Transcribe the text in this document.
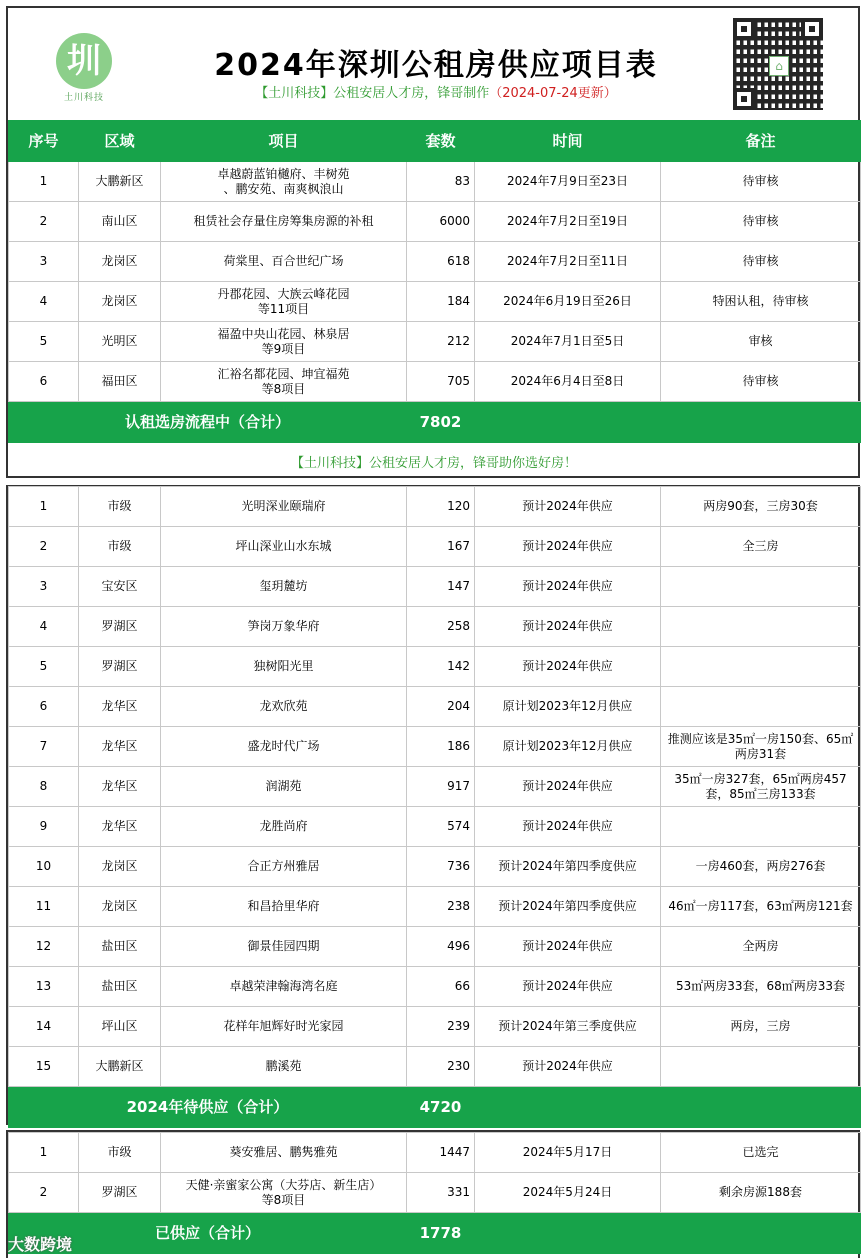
圳
土川科技
2024年深圳公租房供应项目表
【土川科技】公租安居人才房，锋哥制作（2024-07-24更新）
⌂
序号	区域	项目	套数	时间	备注
1	大鹏新区	卓越蔚蓝铂樾府、丰树苑
、鹏安苑、南爽枫浪山	83	2024年7月9日至23日	待审核
2	南山区	租赁社会存量住房筹集房源的补租	6000	2024年7月2日至19日	待审核
3	龙岗区	荷棠里、百合世纪广场	618	2024年7月2日至11日	待审核
4	龙岗区	丹郡花园、大族云峰花园
等11项目	184	2024年6月19日至26日	特困认租，待审核
5	光明区	福盈中央山花园、林泉居
等9项目	212	2024年7月1日至5日	审核
6	福田区	汇裕名都花园、坤宜福苑
等8项目	705	2024年6月4日至8日	待审核
认租选房流程中（合计）			7802		
【土川科技】公租安居人才房，锋哥助你选好房！
1	市级	光明深业颐瑞府	120	预计2024年供应	两房90套，三房30套
2	市级	坪山深业山水东城	167	预计2024年供应	全三房
3	宝安区	玺玥麓坊	147	预计2024年供应	
4	罗湖区	笋岗万象华府	258	预计2024年供应	
5	罗湖区	独树阳光里	142	预计2024年供应	
6	龙华区	龙欢欣苑	204	原计划2023年12月供应	
7	龙华区	盛龙时代广场	186	原计划2023年12月供应	推测应该是35㎡一房150套、65㎡两房31套
8	龙华区	润湖苑	917	预计2024年供应	35㎡一房327套，65㎡两房457套，85㎡三房133套
9	龙华区	龙胜尚府	574	预计2024年供应	
10	龙岗区	合正方州雅居	736	预计2024年第四季度供应	一房460套，两房276套
11	龙岗区	和昌拾里华府	238	预计2024年第四季度供应	46㎡一房117套，63㎡两房121套
12	盐田区	御景佳园四期	496	预计2024年供应	全两房
13	盐田区	卓越荣津翰海湾名庭	66	预计2024年供应	53㎡两房33套，68㎡两房33套
14	坪山区	花样年旭辉好时光家园	239	预计2024年第三季度供应	两房，三房
15	大鹏新区	鹏溪苑	230	预计2024年供应	
2024年待供应（合计）			4720		
1	市级	葵安雅居、鹏隽雅苑	1447	2024年5月17日	已选完
2	罗湖区	天健·亲蜜家公寓（大芬店、新生店）
等8项目	331	2024年5月24日	剩余房源188套
已供应（合计）			1778		
大数跨境
